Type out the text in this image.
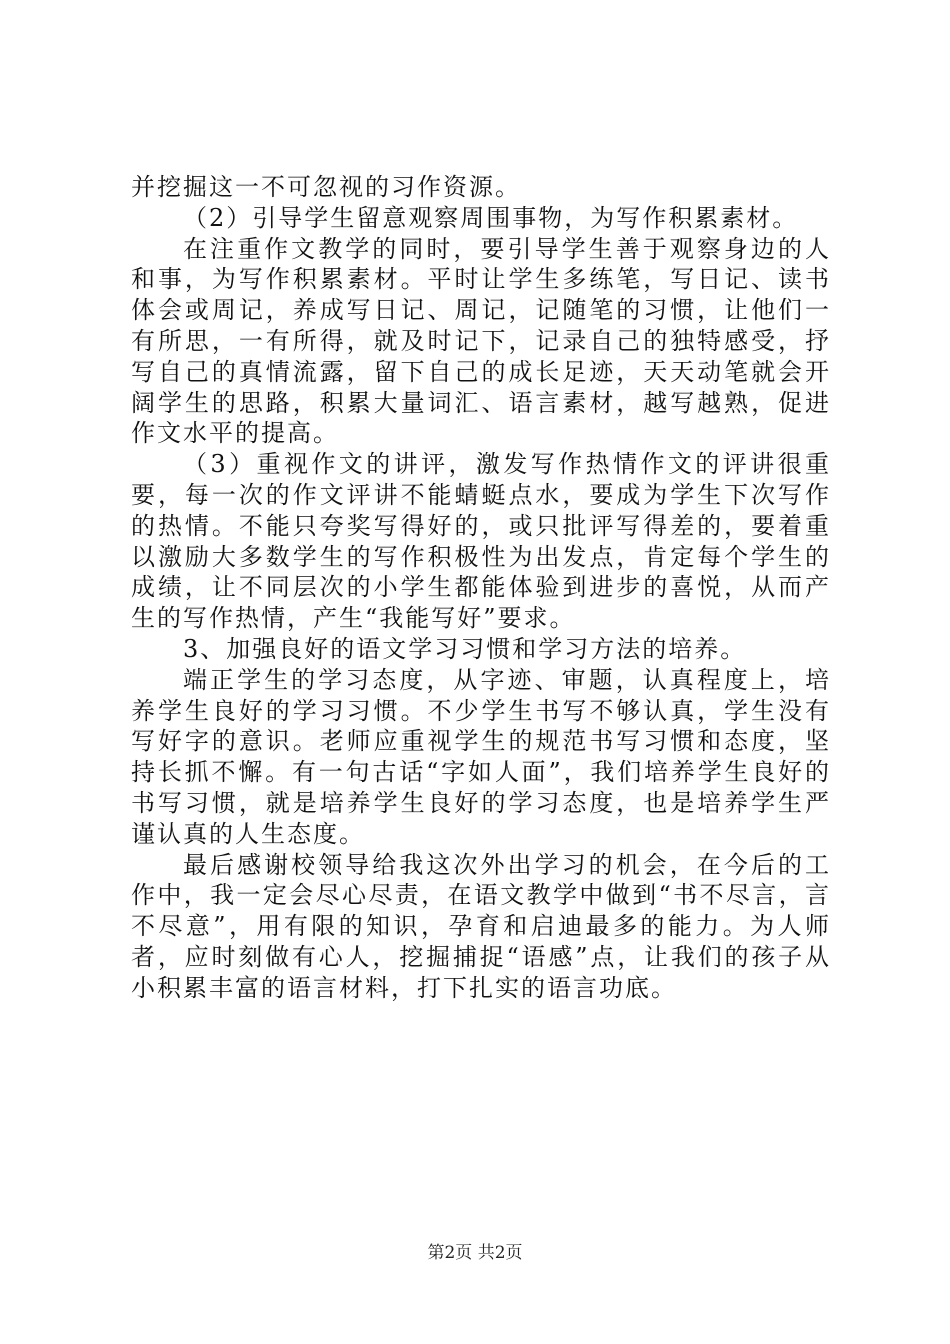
并挖掘这一不可忽视的习作资源。

（2）引导学生留意观察周围事物，为写作积累素材。

在注重作文教学的同时，要引导学生善于观察身边的人和事，为写作积累素材。平时让学生多练笔，写日记、读书体会或周记，养成写日记、周记，记随笔的习惯，让他们一有所思，一有所得，就及时记下，记录自己的独特感受，抒写自己的真情流露，留下自己的成长足迹，天天动笔就会开阔学生的思路，积累大量词汇、语言素材，越写越熟，促进作文水平的提高。

（3）重视作文的讲评，激发写作热情作文的评讲很重要，每一次的作文评讲不能蜻蜓点水，要成为学生下次写作的热情。不能只夸奖写得好的，或只批评写得差的，要着重以激励大多数学生的写作积极性为出发点，肯定每个学生的成绩，让不同层次的小学生都能体验到进步的喜悦，从而产生的写作热情，产生“我能写好”要求。

3、加强良好的语文学习习惯和学习方法的培养。

端正学生的学习态度，从字迹、审题，认真程度上，培养学生良好的学习习惯。不少学生书写不够认真，学生没有写好字的意识。老师应重视学生的规范书写习惯和态度，坚持长抓不懈。有一句古话“字如人面”，我们培养学生良好的书写习惯，就是培养学生良好的学习态度，也是培养学生严谨认真的人生态度。

最后感谢校领导给我这次外出学习的机会，在今后的工作中，我一定会尽心尽责，在语文教学中做到“书不尽言，言不尽意”，用有限的知识，孕育和启迪最多的能力。为人师者，应时刻做有心人，挖掘捕捉“语感”点，让我们的孩子从小积累丰富的语言材料，打下扎实的语言功底。

第2页 共2页
